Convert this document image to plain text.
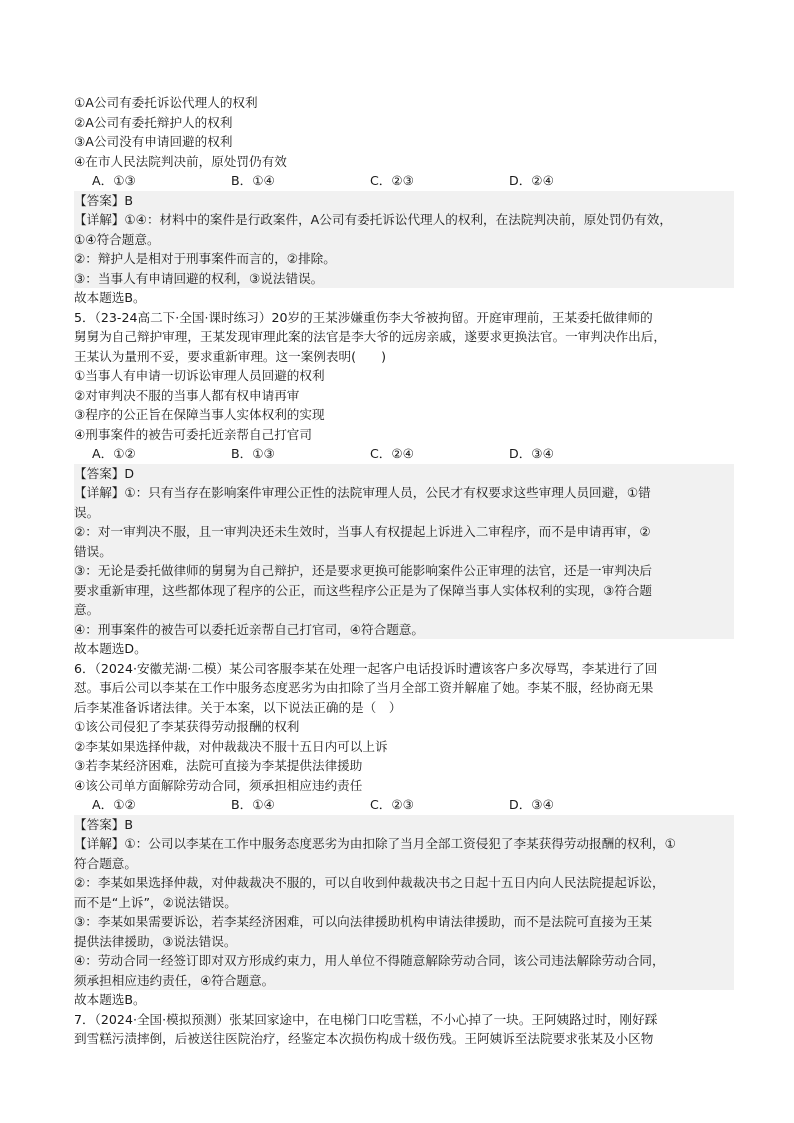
①A公司有委托诉讼代理人的权利
②A公司有委托辩护人的权利
③A公司没有申请回避的权利
④在市人民法院判决前，原处罚仍有效
A．①③	B．①④	C．②③	D．②④
【答案】B
【详解】①④：材料中的案件是行政案件，A公司有委托诉讼代理人的权利，在法院判决前，原处罚仍有效，
①④符合题意。
②：辩护人是相对于刑事案件而言的，②排除。
③：当事人有申请回避的权利，③说法错误。
故本题选B。
5．（23-24高二下·全国·课时练习）20岁的王某涉嫌重伤李大爷被拘留。开庭审理前，王某委托做律师的
舅舅为自己辩护审理，王某发现审理此案的法官是李大爷的远房亲戚，遂要求更换法官。一审判决作出后，
王某认为量刑不妥，要求重新审理。这一案例表明(　　)
①当事人有申请一切诉讼审理人员回避的权利
②对审判决不服的当事人都有权申请再审
③程序的公正旨在保障当事人实体权利的实现
④刑事案件的被告可委托近亲帮自己打官司
A．①②	B．①③	C．②④	D．③④
【答案】D
【详解】①：只有当存在影响案件审理公正性的法院审理人员，公民才有权要求这些审理人员回避，①错
误。
②：对一审判决不服，且一审判决还未生效时，当事人有权提起上诉进入二审程序，而不是申请再审，②
错误。
③：无论是委托做律师的舅舅为自己辩护，还是要求更换可能影响案件公正审理的法官，还是一审判决后
要求重新审理，这些都体现了程序的公正，而这些程序公正是为了保障当事人实体权利的实现，③符合题
意。
④：刑事案件的被告可以委托近亲帮自己打官司，④符合题意。
故本题选D。
6．（2024·安徽芜湖·二模）某公司客服李某在处理一起客户电话投诉时遭该客户多次辱骂，李某进行了回
怼。事后公司以李某在工作中服务态度恶劣为由扣除了当月全部工资并解雇了她。李某不服，经协商无果
后李某准备诉诸法律。关于本案，以下说法正确的是（　）
①该公司侵犯了李某获得劳动报酬的权利
②李某如果选择仲裁，对仲裁裁决不服十五日内可以上诉
③若李某经济困难，法院可直接为李某提供法律援助
④该公司单方面解除劳动合同，须承担相应违约责任
A．①②	B．①④	C．②③	D．③④
【答案】B
【详解】①：公司以李某在工作中服务态度恶劣为由扣除了当月全部工资侵犯了李某获得劳动报酬的权利，①
符合题意。
②：李某如果选择仲裁，对仲裁裁决不服的，可以自收到仲裁裁决书之日起十五日内向人民法院提起诉讼，
而不是“上诉”，②说法错误。
③：李某如果需要诉讼，若李某经济困难，可以向法律援助机构申请法律援助，而不是法院可直接为王某
提供法律援助，③说法错误。
④：劳动合同一经签订即对双方形成约束力，用人单位不得随意解除劳动合同，该公司违法解除劳动合同，
须承担相应违约责任，④符合题意。
故本题选B。
7．（2024·全国·模拟预测）张某回家途中，在电梯门口吃雪糕，不小心掉了一块。王阿姨路过时，刚好踩
到雪糕污渍摔倒，后被送往医院治疗，经鉴定本次损伤构成十级伤残。王阿姨诉至法院要求张某及小区物
